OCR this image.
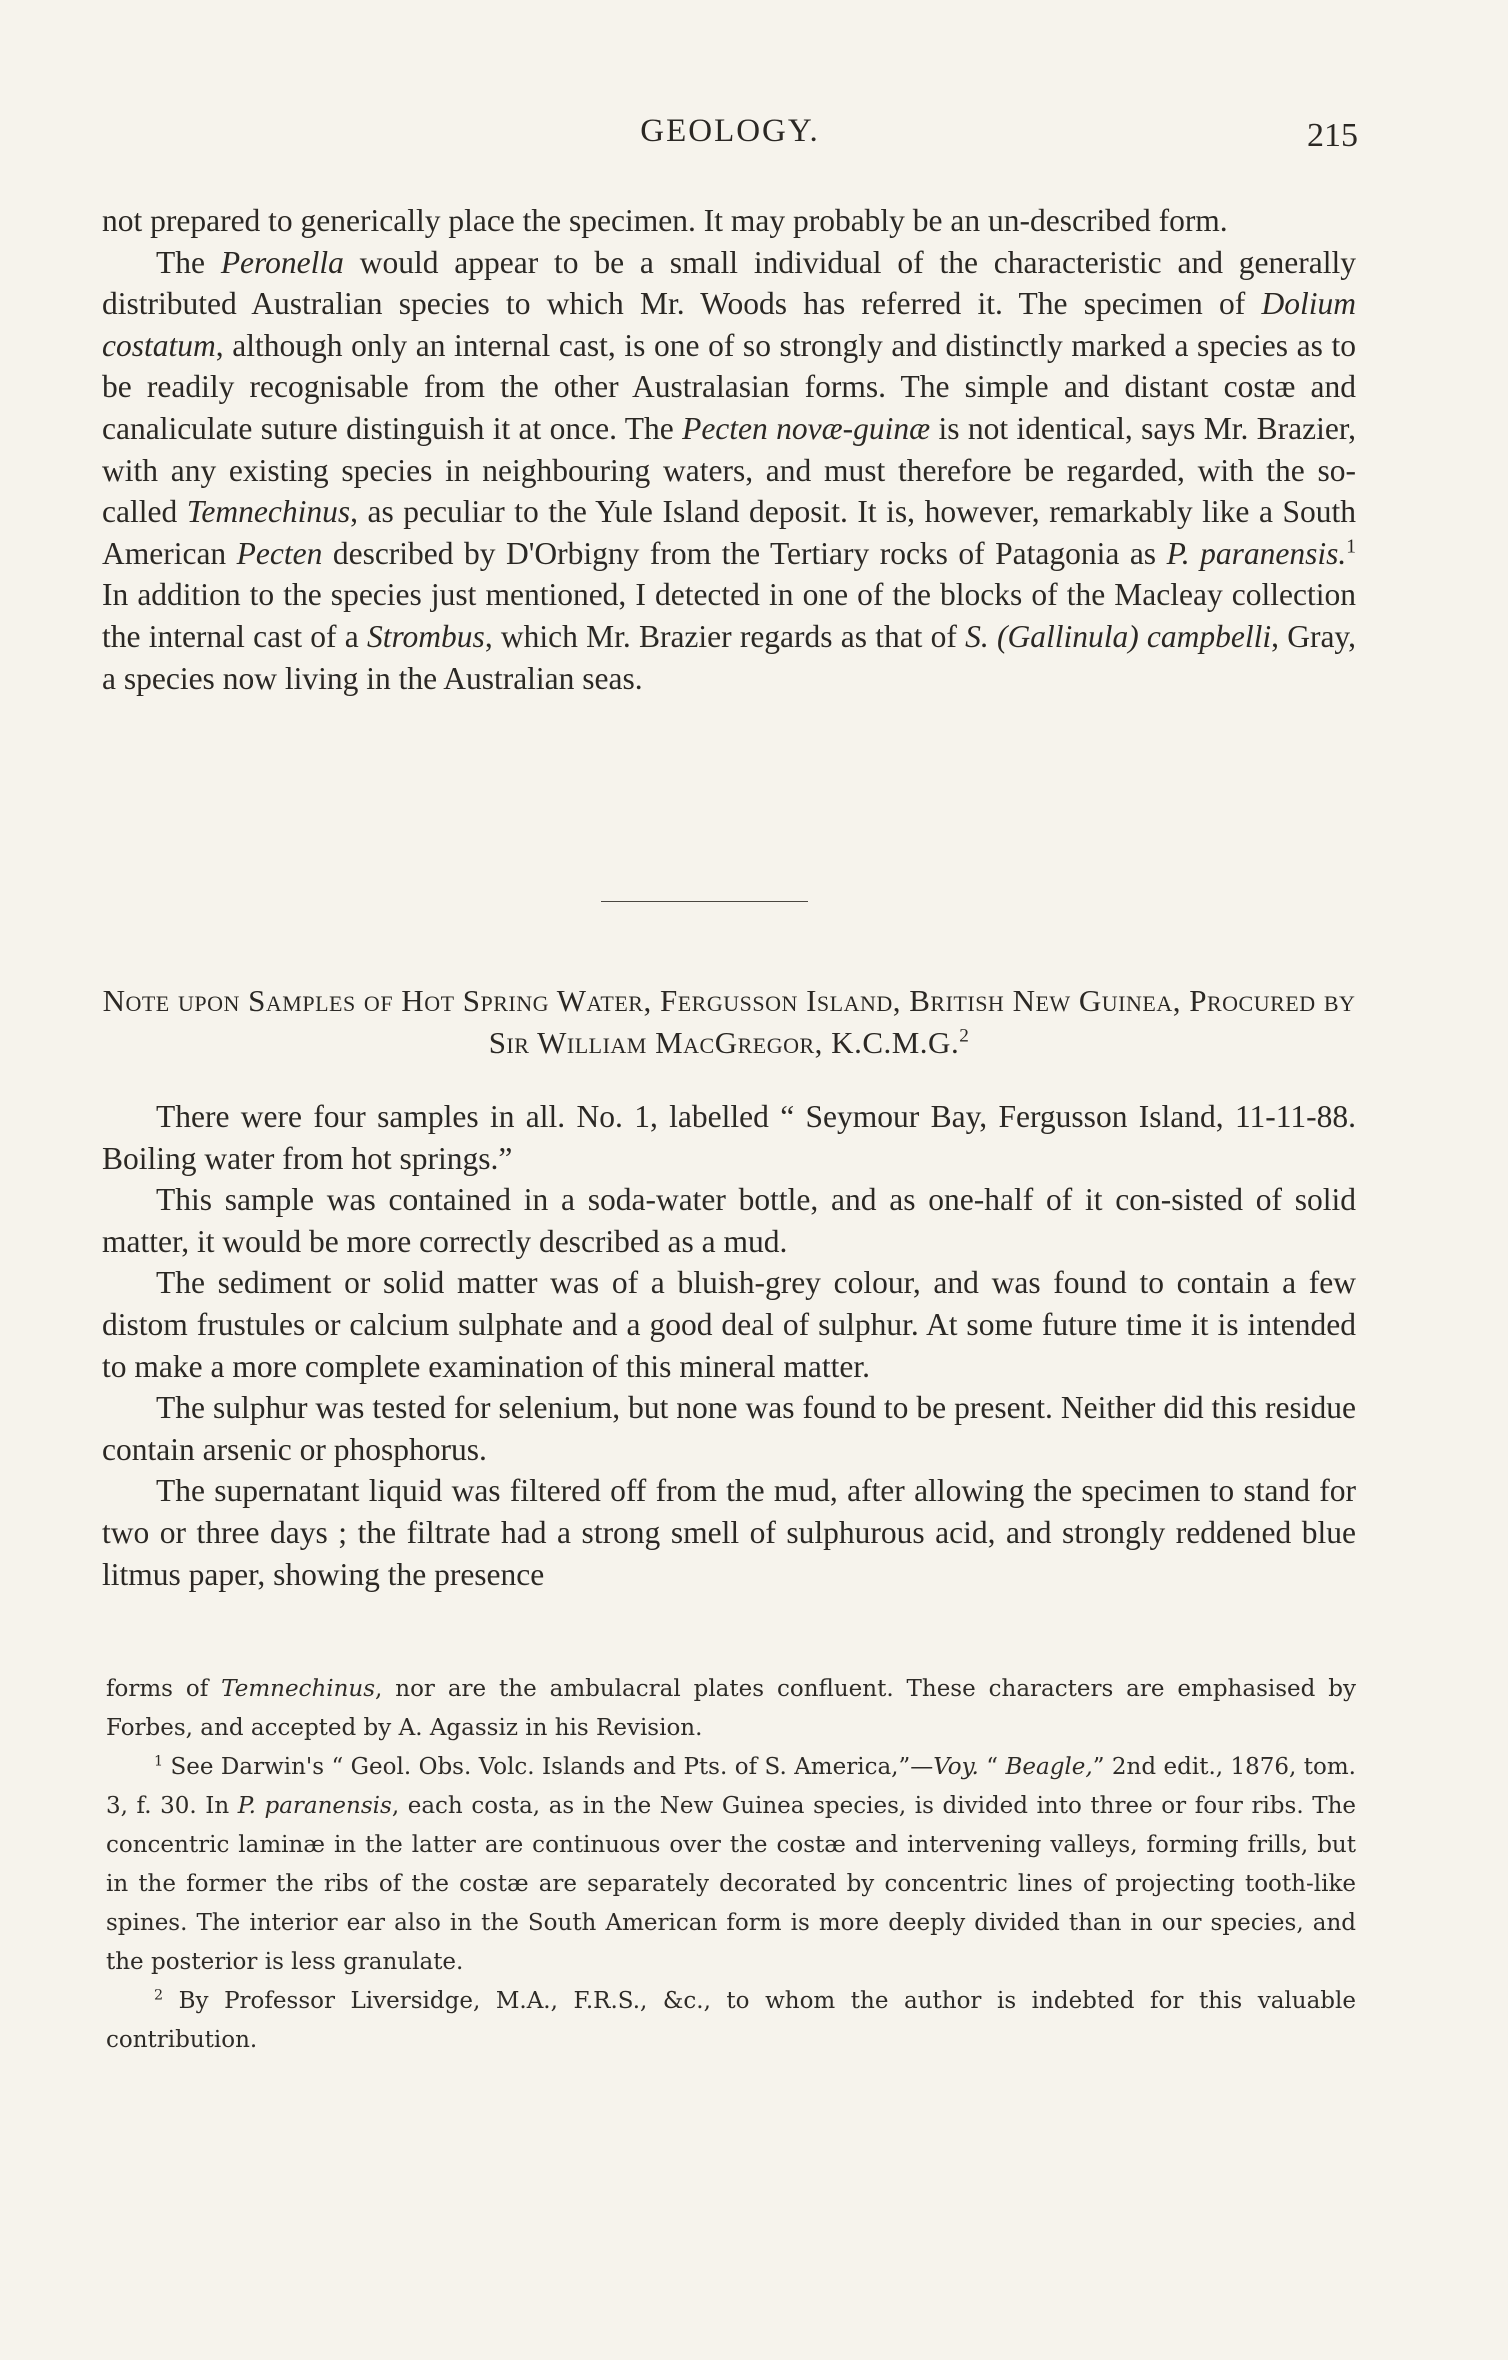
GEOLOGY.	215

not prepared to generically place the specimen. It may probably be an un-described form.

The Peronella would appear to be a small individual of the characteristic and generally distributed Australian species to which Mr. Woods has referred it. The specimen of Dolium costatum, although only an internal cast, is one of so strongly and distinctly marked a species as to be readily recognisable from the other Australasian forms. The simple and distant costæ and canaliculate suture distinguish it at once. The Pecten novæ-guinæ is not identical, says Mr. Brazier, with any existing species in neighbouring waters, and must therefore be regarded, with the so-called Temnechinus, as peculiar to the Yule Island deposit. It is, however, remarkably like a South American Pecten described by D'Orbigny from the Tertiary rocks of Patagonia as P. paranensis.$^1$ In addition to the species just mentioned, I detected in one of the blocks of the Macleay collection the internal cast of a Strombus, which Mr. Brazier regards as that of S. (Gallinula) campbelli, Gray, a species now living in the Australian seas.

Note upon Samples of Hot Spring Water, Fergusson Island, British New Guinea, Procured by Sir William MacGregor, K.C.M.G.$^2$

There were four samples in all. No. 1, labelled “ Seymour Bay, Fergusson Island, 11-11-88. Boiling water from hot springs.”

This sample was contained in a soda-water bottle, and as one-half of it con-sisted of solid matter, it would be more correctly described as a mud.

The sediment or solid matter was of a bluish-grey colour, and was found to contain a few distom frustules or calcium sulphate and a good deal of sulphur. At some future time it is intended to make a more complete examination of this mineral matter.

The sulphur was tested for selenium, but none was found to be present. Neither did this residue contain arsenic or phosphorus.

The supernatant liquid was filtered off from the mud, after allowing the specimen to stand for two or three days ; the filtrate had a strong smell of sulphurous acid, and strongly reddened blue litmus paper, showing the presence

forms of Temnechinus, nor are the ambulacral plates confluent. These characters are emphasised by Forbes, and accepted by A. Agassiz in his Revision.

$^1$ See Darwin's “ Geol. Obs. Volc. Islands and Pts. of S. America,”—Voy. “ Beagle,” 2nd edit., 1876, tom. 3, f. 30. In P. paranensis, each costa, as in the New Guinea species, is divided into three or four ribs. The concentric laminæ in the latter are continuous over the costæ and intervening valleys, forming frills, but in the former the ribs of the costæ are separately decorated by concentric lines of projecting tooth-like spines. The interior ear also in the South American form is more deeply divided than in our species, and the posterior is less granulate.

$^2$ By Professor Liversidge, M.A., F.R.S., &c., to whom the author is indebted for this valuable contribution.
